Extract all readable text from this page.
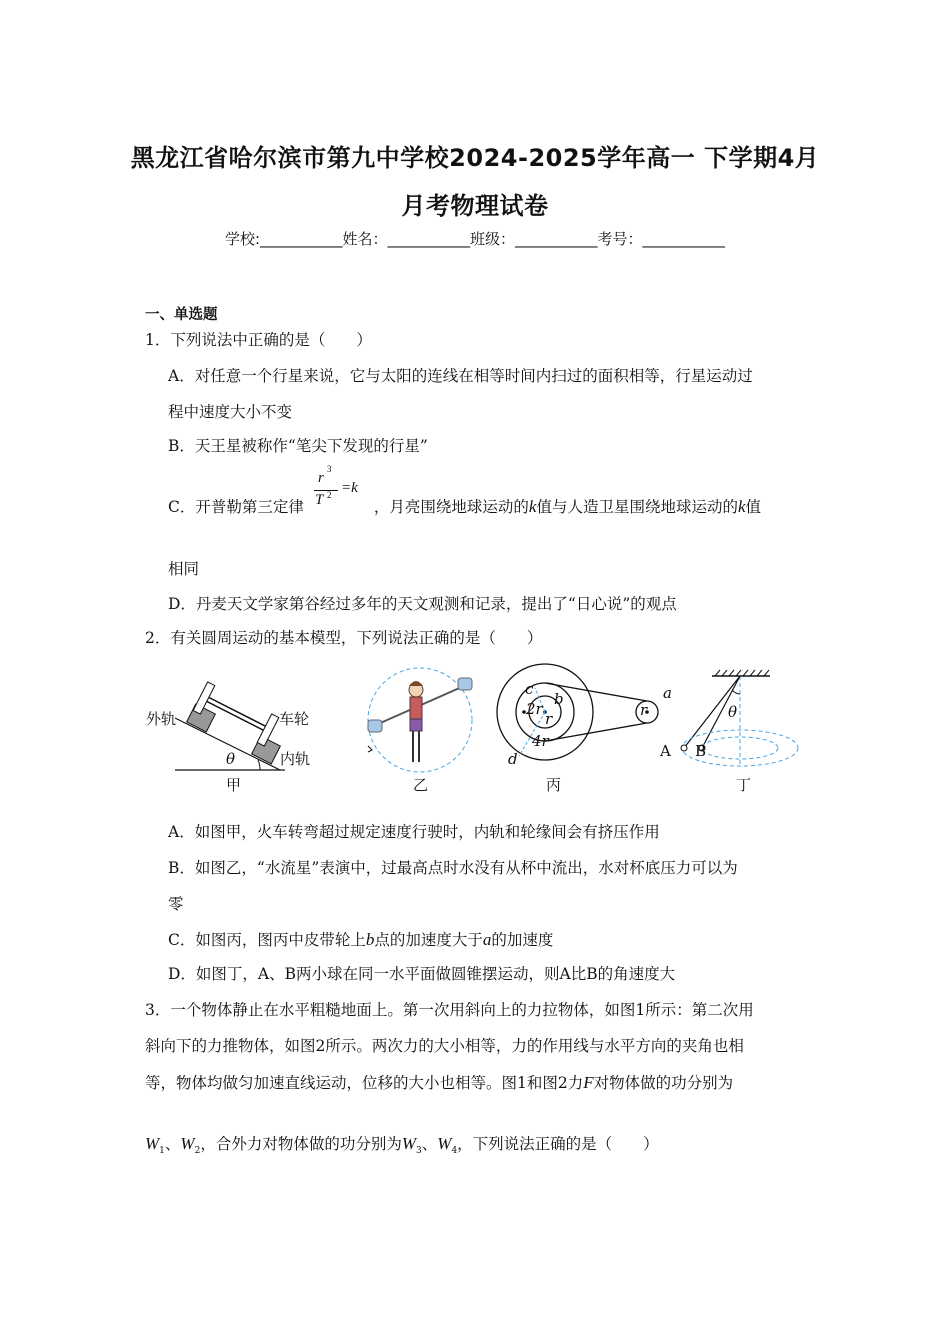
黑龙江省哈尔滨市第九中学校2024-2025学年高一 下学期4月
月考物理试卷
学校:___________姓名：___________班级：___________考号：___________
一、单选题
1．下列说法中正确的是（　　）
A．对任意一个行星来说，它与太阳的连线在相等时间内扫过的面积相等，行星运动过
程中速度大小不变
B．天王星被称作“笔尖下发现的行星”
C．开普勒第三定律	，月亮围绕地球运动的k值与人造卫星围绕地球运动的k值
r
3
T 2 =k
相同
D．丹麦天文学家第谷经过多年的天文观测和记录，提出了“日心说”的观点
2．有关圆周运动的基本模型，下列说法正确的是（　　）
外轨	车轮
内轨
θ
甲	乙
c
b
2r
r
4r
d
a
r
丙
θ
A B
丁
A．如图甲，火车转弯超过规定速度行驶时，内轨和轮缘间会有挤压作用
B．如图乙，“水流星”表演中，过最高点时水没有从杯中流出，水对杯底压力可以为
零
C．如图丙，图丙中皮带轮上b点的加速度大于a的加速度
D．如图丁，A、B两小球在同一水平面做圆锥摆运动，则A比B的角速度大
3．一个物体静止在水平粗糙地面上。第一次用斜向上的力拉物体，如图1所示：第二次用
斜向下的力推物体，如图2所示。两次力的大小相等，力的作用线与水平方向的夹角也相
等，物体均做匀加速直线运动，位移的大小也相等。图1和图2力F对物体做的功分别为
$W_1$、$W_2$，合外力对物体做的功分别为$W_3$、$W_4$，下列说法正确的是（　　）
